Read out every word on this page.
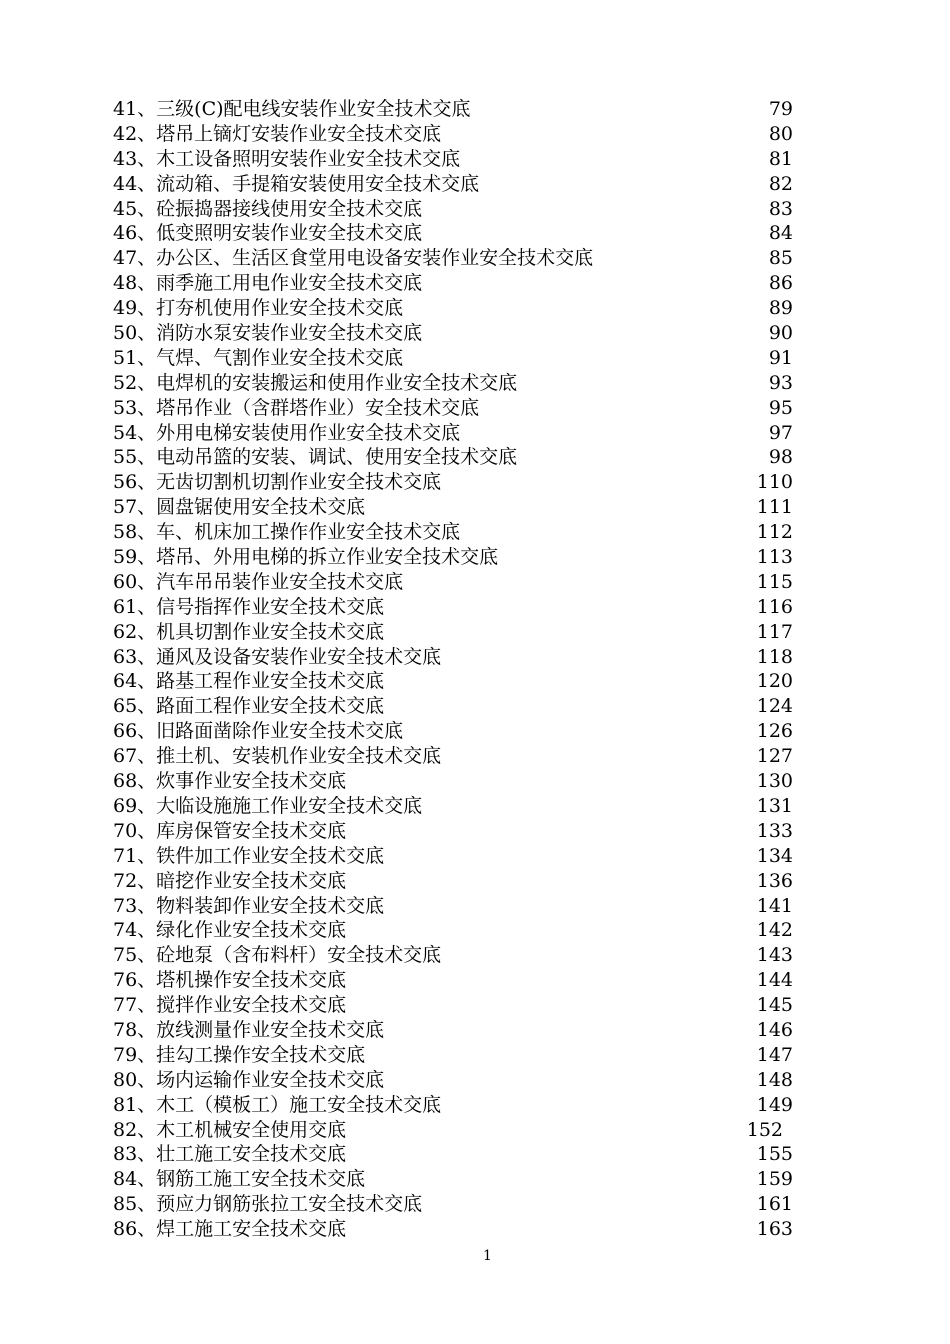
41、三级(C)配电线安装作业安全技术交底	79
42、塔吊上镝灯安装作业安全技术交底	80
43、木工设备照明安装作业安全技术交底	81
44、流动箱、手提箱安装使用安全技术交底	82
45、砼振捣器接线使用安全技术交底	83
46、低变照明安装作业安全技术交底	84
47、办公区、生活区食堂用电设备安装作业安全技术交底	85
48、雨季施工用电作业安全技术交底	86
49、打夯机使用作业安全技术交底	89
50、消防水泵安装作业安全技术交底	90
51、气焊、气割作业安全技术交底	91
52、电焊机的安装搬运和使用作业安全技术交底	93
53、塔吊作业（含群塔作业）安全技术交底	95
54、外用电梯安装使用作业安全技术交底	97
55、电动吊篮的安装、调试、使用安全技术交底	98
56、无齿切割机切割作业安全技术交底	110
57、圆盘锯使用安全技术交底	111
58、车、机床加工操作作业安全技术交底	112
59、塔吊、外用电梯的拆立作业安全技术交底	113
60、汽车吊吊装作业安全技术交底	115
61、信号指挥作业安全技术交底	116
62、机具切割作业安全技术交底	117
63、通风及设备安装作业安全技术交底	118
64、路基工程作业安全技术交底	120
65、路面工程作业安全技术交底	124
66、旧路面凿除作业安全技术交底	126
67、推土机、安装机作业安全技术交底	127
68、炊事作业安全技术交底	130
69、大临设施施工作业安全技术交底	131
70、库房保管安全技术交底	133
71、铁件加工作业安全技术交底	134
72、暗挖作业安全技术交底	136
73、物料装卸作业安全技术交底	141
74、绿化作业安全技术交底	142
75、砼地泵（含布料杆）安全技术交底	143
76、塔机操作安全技术交底	144
77、搅拌作业安全技术交底	145
78、放线测量作业安全技术交底	146
79、挂勾工操作安全技术交底	147
80、场内运输作业安全技术交底	148
81、木工（模板工）施工安全技术交底	149
82、木工机械安全使用交底	152
83、壮工施工安全技术交底	155
84、钢筋工施工安全技术交底	159
85、预应力钢筋张拉工安全技术交底	161
86、焊工施工安全技术交底	163
1
